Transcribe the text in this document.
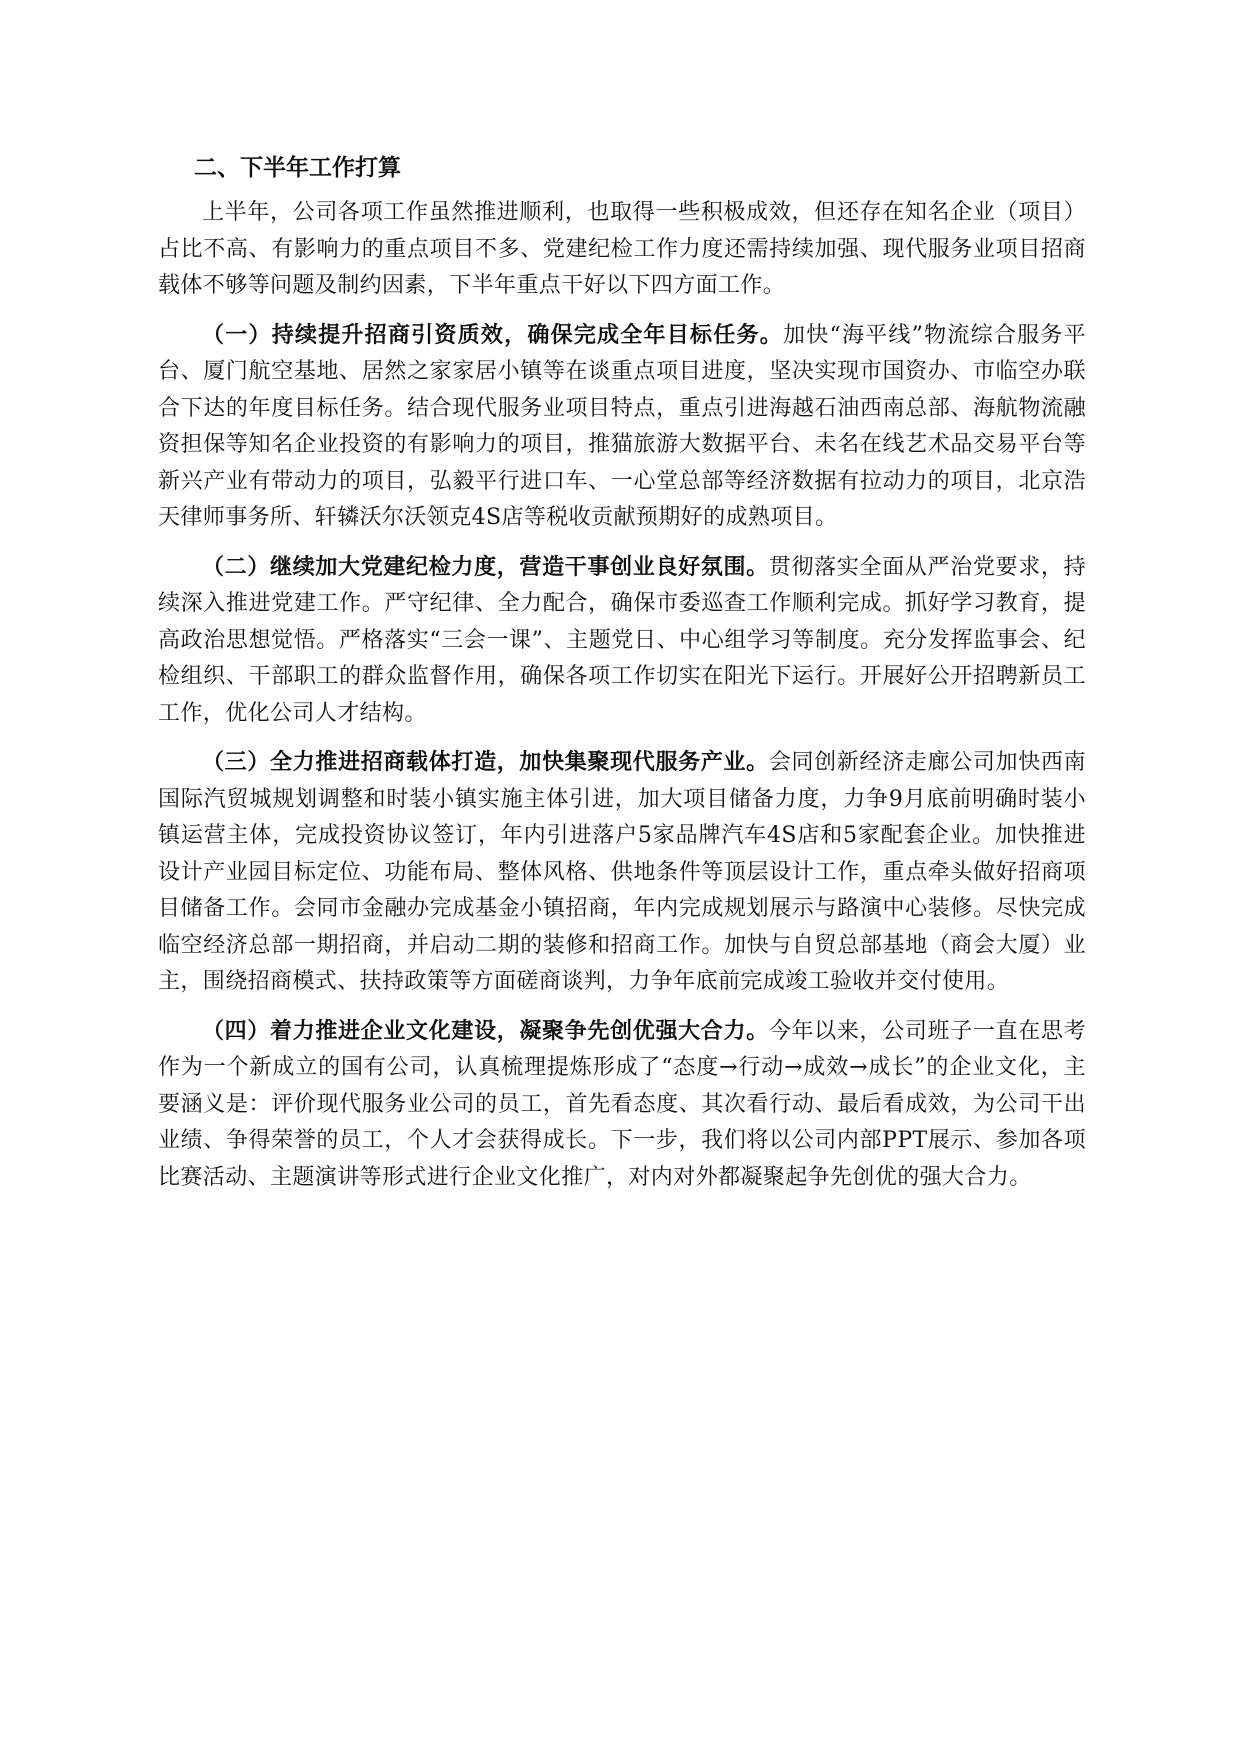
二、下半年工作打算

上半年，公司各项工作虽然推进顺利，也取得一些积极成效，但还存在知名企业（项目）占比不高、有影响力的重点项目不多、党建纪检工作力度还需持续加强、现代服务业项目招商载体不够等问题及制约因素，下半年重点干好以下四方面工作。

（一）持续提升招商引资质效，确保完成全年目标任务。加快“海平线”物流综合服务平台、厦门航空基地、居然之家家居小镇等在谈重点项目进度，坚决实现市国资办、市临空办联合下达的年度目标任务。结合现代服务业项目特点，重点引进海越石油西南总部、海航物流融资担保等知名企业投资的有影响力的项目，推猫旅游大数据平台、未名在线艺术品交易平台等新兴产业有带动力的项目，弘毅平行进口车、一心堂总部等经济数据有拉动力的项目，北京浩天律师事务所、轩辚沃尔沃领克4S店等税收贡献预期好的成熟项目。

（二）继续加大党建纪检力度，营造干事创业良好氛围。贯彻落实全面从严治党要求，持续深入推进党建工作。严守纪律、全力配合，确保市委巡查工作顺利完成。抓好学习教育，提高政治思想觉悟。严格落实“三会一课”、主题党日、中心组学习等制度。充分发挥监事会、纪检组织、干部职工的群众监督作用，确保各项工作切实在阳光下运行。开展好公开招聘新员工工作，优化公司人才结构。

（三）全力推进招商载体打造，加快集聚现代服务产业。会同创新经济走廊公司加快西南国际汽贸城规划调整和时装小镇实施主体引进，加大项目储备力度，力争9月底前明确时装小镇运营主体，完成投资协议签订，年内引进落户5家品牌汽车4S店和5家配套企业。加快推进设计产业园目标定位、功能布局、整体风格、供地条件等顶层设计工作，重点牵头做好招商项目储备工作。会同市金融办完成基金小镇招商，年内完成规划展示与路演中心装修。尽快完成临空经济总部一期招商，并启动二期的装修和招商工作。加快与自贸总部基地（商会大厦）业主，围绕招商模式、扶持政策等方面磋商谈判，力争年底前完成竣工验收并交付使用。

（四）着力推进企业文化建设，凝聚争先创优强大合力。今年以来，公司班子一直在思考作为一个新成立的国有公司，认真梳理提炼形成了“态度→行动→成效→成长”的企业文化，主要涵义是：评价现代服务业公司的员工，首先看态度、其次看行动、最后看成效，为公司干出业绩、争得荣誉的员工，个人才会获得成长。下一步，我们将以公司内部PPT展示、参加各项比赛活动、主题演讲等形式进行企业文化推广，对内对外都凝聚起争先创优的强大合力。
